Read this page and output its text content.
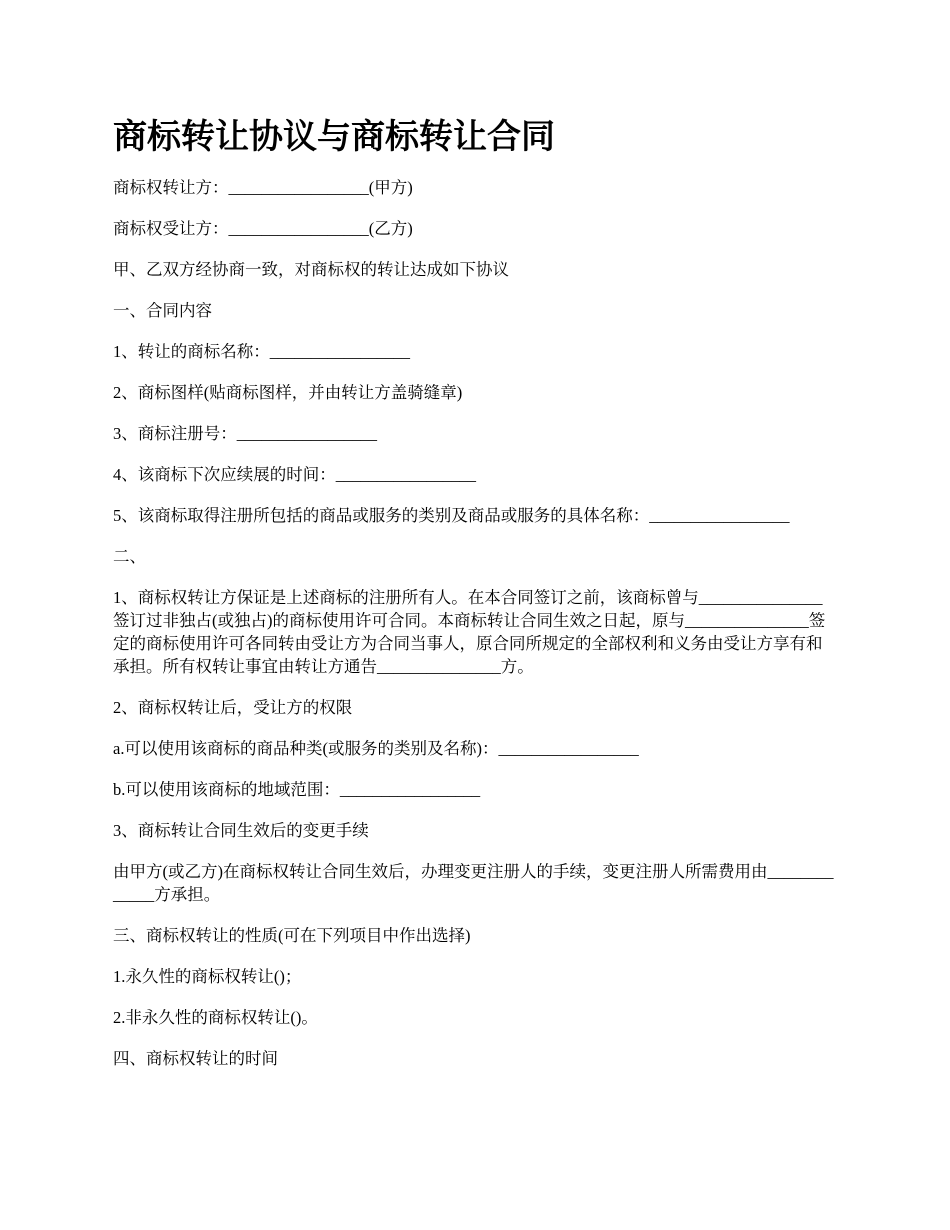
商标转让协议与商标转让合同

商标权转让方：_________________(甲方)

商标权受让方：_________________(乙方)

甲、乙双方经协商一致，对商标权的转让达成如下协议

一、合同内容

1、转让的商标名称：_________________

2、商标图样(贴商标图样，并由转让方盖骑缝章)

3、商标注册号：_________________

4、该商标下次应续展的时间：_________________

5、该商标取得注册所包括的商品或服务的类别及商品或服务的具体名称：_________________

二、

1、商标权转让方保证是上述商标的注册所有人。在本合同签订之前，该商标曾与_______________签订过非独占(或独占)的商标使用许可合同。本商标转让合同生效之日起，原与_______________签定的商标使用许可各同转由受让方为合同当事人，原合同所规定的全部权利和义务由受让方享有和承担。所有权转让事宜由转让方通告_______________方。

2、商标权转让后，受让方的权限

a.可以使用该商标的商品种类(或服务的类别及名称)：_________________

b.可以使用该商标的地域范围：_________________

3、商标转让合同生效后的变更手续

由甲方(或乙方)在商标权转让合同生效后，办理变更注册人的手续，变更注册人所需费用由_____________方承担。

三、商标权转让的性质(可在下列项目中作出选择)

1.永久性的商标权转让()；

2.非永久性的商标权转让()。

四、商标权转让的时间
